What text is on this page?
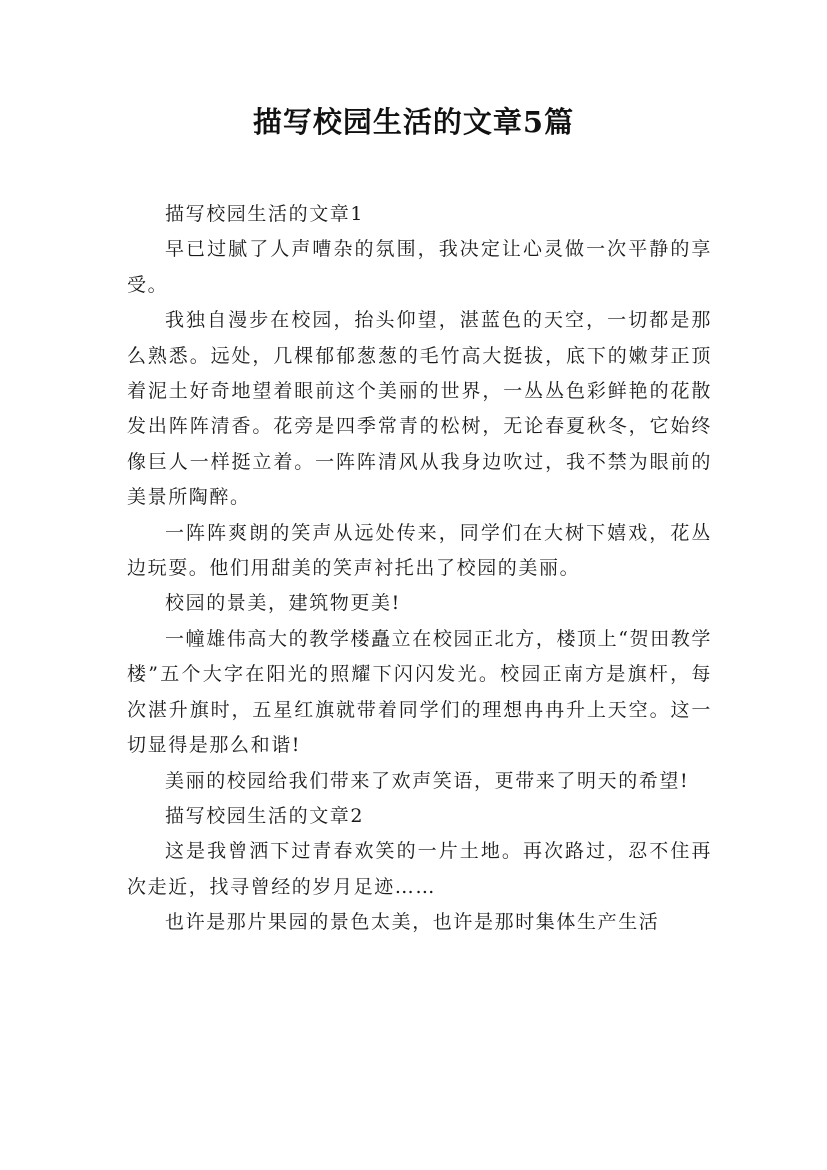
描写校园生活的文章5篇

描写校园生活的文章1

早已过腻了人声嘈杂的氛围，我决定让心灵做一次平静的享受。

我独自漫步在校园，抬头仰望，湛蓝色的天空，一切都是那么熟悉。远处，几棵郁郁葱葱的毛竹高大挺拔，底下的嫩芽正顶着泥土好奇地望着眼前这个美丽的世界，一丛丛色彩鲜艳的花散发出阵阵清香。花旁是四季常青的松树，无论春夏秋冬，它始终像巨人一样挺立着。一阵阵清风从我身边吹过，我不禁为眼前的美景所陶醉。

一阵阵爽朗的笑声从远处传来，同学们在大树下嬉戏，花丛边玩耍。他们用甜美的笑声衬托出了校园的美丽。

校园的景美，建筑物更美!

一幢雄伟高大的教学楼矗立在校园正北方，楼顶上“贺田教学楼”五个大字在阳光的照耀下闪闪发光。校园正南方是旗杆，每次湛升旗时，五星红旗就带着同学们的理想冉冉升上天空。这一切显得是那么和谐!

美丽的校园给我们带来了欢声笑语，更带来了明天的希望!

描写校园生活的文章2

这是我曾洒下过青春欢笑的一片土地。再次路过，忍不住再次走近，找寻曾经的岁月足迹……

也许是那片果园的景色太美，也许是那时集体生产生活
